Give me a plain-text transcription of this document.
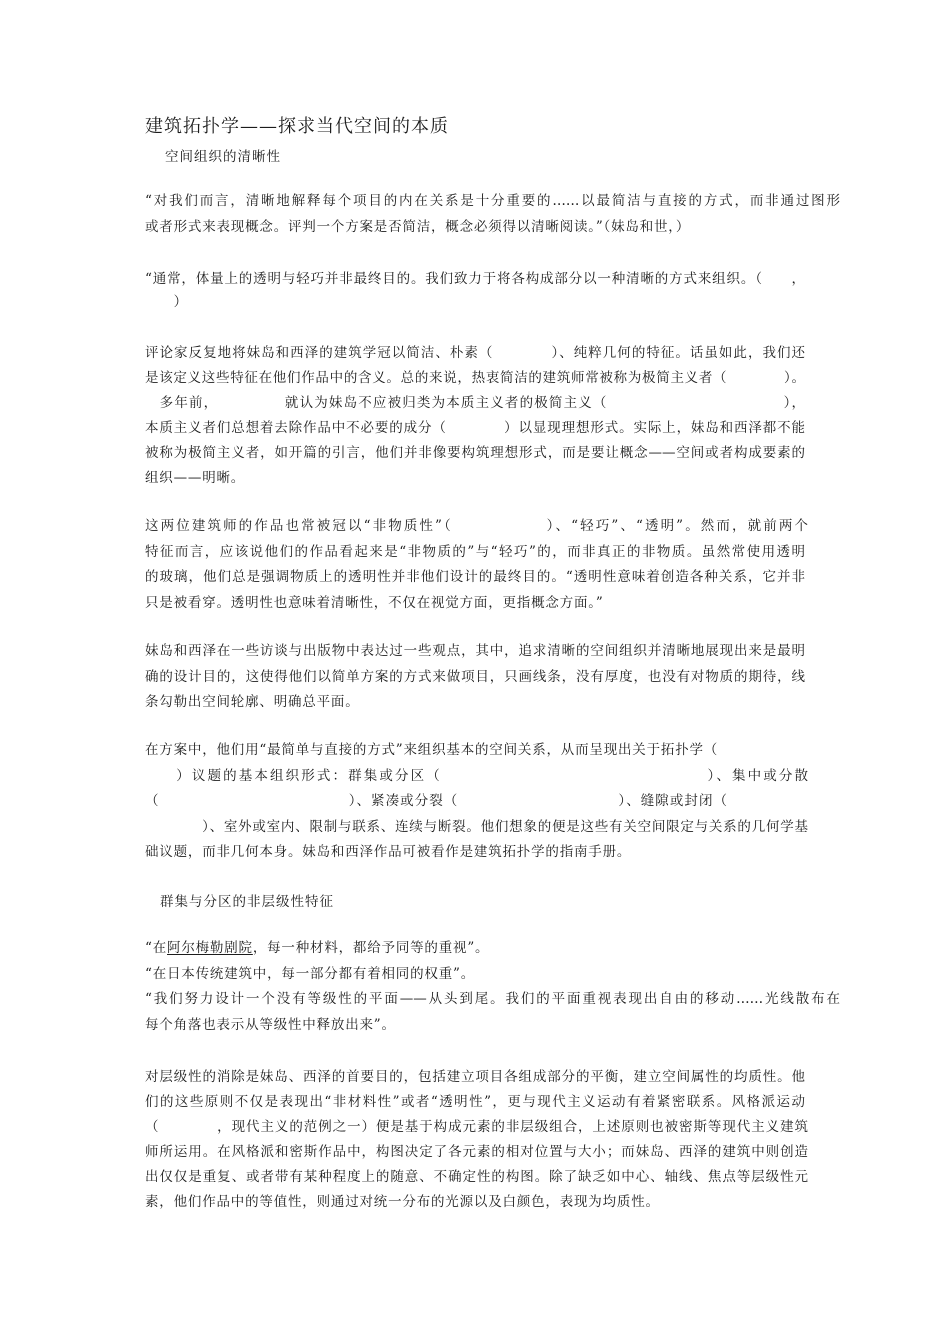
建筑拓扑学——探求当代空间的本质
空间组织的清晰性
“对我们而言，清晰地解释每个项目的内在关系是十分重要的……以最简洁与直接的方式，而非通过图形
或者形式来表现概念。评判一个方案是否简洁，概念必须得以清晰阅读。”（妹岛和世，）
“通常，体量上的透明与轻巧并非最终目的。我们致力于将各构成部分以一种清晰的方式来组织。（　　，
　　）
评论家反复地将妹岛和西泽的建筑学冠以简洁、朴素（　　　　）、纯粹几何的特征。话虽如此，我们还
是该定义这些特征在他们作品中的含义。总的来说，热衷简洁的建筑师常被称为极简主义者（　　　　）。
　多年前，　　　　　就认为妹岛不应被归类为本质主义者的极简主义（　　　　　　　　　　　　），
本质主义者们总想着去除作品中不必要的成分（　　　　）以显现理想形式。实际上，妹岛和西泽都不能
被称为极简主义者，如开篇的引言，他们并非像要构筑理想形式，而是要让概念——空间或者构成要素的
组织——明晰。
这两位建筑师的作品也常被冠以“非物质性”（　　　　　　）、“轻巧”、“透明”。然而，就前两个
特征而言，应该说他们的作品看起来是“非物质的”与“轻巧”的，而非真正的非物质。虽然常使用透明
的玻璃，他们总是强调物质上的透明性并非他们设计的最终目的。“透明性意味着创造各种关系，它并非
只是被看穿。透明性也意味着清晰性，不仅在视觉方面，更指概念方面。”
妹岛和西泽在一些访谈与出版物中表达过一些观点，其中，追求清晰的空间组织并清晰地展现出来是最明
确的设计目的，这使得他们以简单方案的方式来做项目，只画线条，没有厚度，也没有对物质的期待，线
条勾勒出空间轮廓、明确总平面。
在方案中，他们用“最简单与直接的方式”来组织基本的空间关系，从而呈现出关于拓扑学（
　　）议题的基本组织形式：群集或分区（　　　　　　　　　　　　　　　　　）、集中或分散
（　　　　　　　　　　　　　）、紧凑或分裂（　　　　　　　　　　　）、缝隙或封闭（
　　　　）、室外或室内、限制与联系、连续与断裂。他们想象的便是这些有关空间限定与关系的几何学基
础议题，而非几何本身。妹岛和西泽作品可被看作是建筑拓扑学的指南手册。
群集与分区的非层级性特征
“在阿尔梅勒剧院，每一种材料，都给予同等的重视”。
“在日本传统建筑中，每一部分都有着相同的权重”。
“我们努力设计一个没有等级性的平面——从头到尾。我们的平面重视表现出自由的移动……光线散布在
每个角落也表示从等级性中释放出来”。
对层级性的消除是妹岛、西泽的首要目的，包括建立项目各组成部分的平衡，建立空间属性的均质性。他
们的这些原则不仅是表现出“非材料性”或者“透明性”，更与现代主义运动有着紧密联系。风格派运动
（　　　　，现代主义的范例之一）便是基于构成元素的非层级组合，上述原则也被密斯等现代主义建筑
师所运用。在风格派和密斯作品中，构图决定了各元素的相对位置与大小；而妹岛、西泽的建筑中则创造
出仅仅是重复、或者带有某种程度上的随意、不确定性的构图。除了缺乏如中心、轴线、焦点等层级性元
素，他们作品中的等值性，则通过对统一分布的光源以及白颜色，表现为均质性。
